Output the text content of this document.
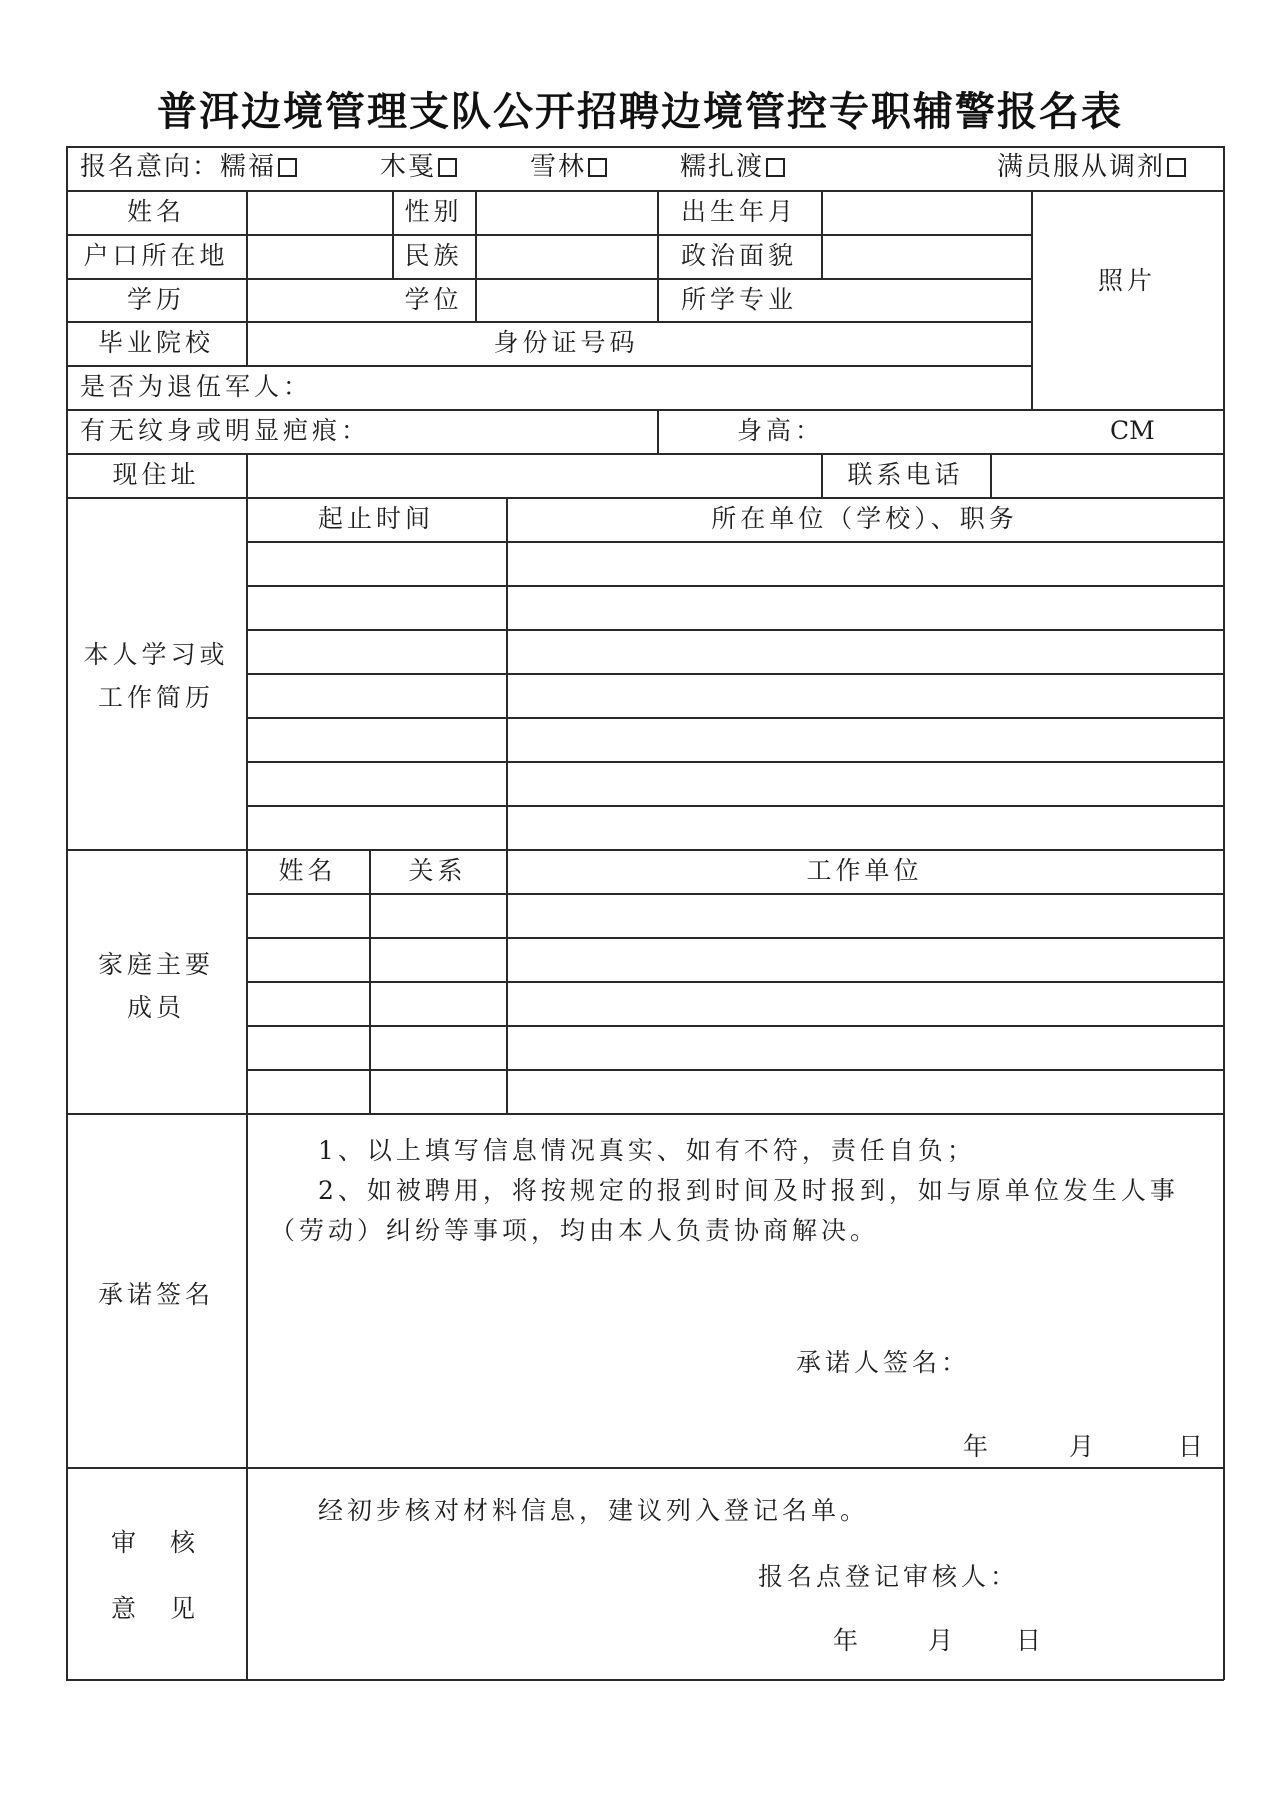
普洱边境管理支队公开招聘边境管控专职辅警报名表
报名意向：糯福	木戛	雪林	糯扎渡	满员服从调剂
姓名	性别	出生年月
户口所在地	民族	政治面貌
学历	学位	所学专业
毕业院校	身份证号码
照片
是否为退伍军人：
有无纹身或明显疤痕：	身高：	CM
现住址	联系电话
本人学习或
工作简历
起止时间	所在单位（学校）、职务
家庭主要
成员
姓名	关系	工作单位
承诺签名
1、以上填写信息情况真实、如有不符，责任自负；
2、如被聘用，将按规定的报到时间及时报到，如与原单位发生人事
（劳动）纠纷等事项，均由本人负责协商解决。
承诺人签名：
年	月	日
审  核
意  见
经初步核对材料信息，建议列入登记名单。
报名点登记审核人：
年	月	日
